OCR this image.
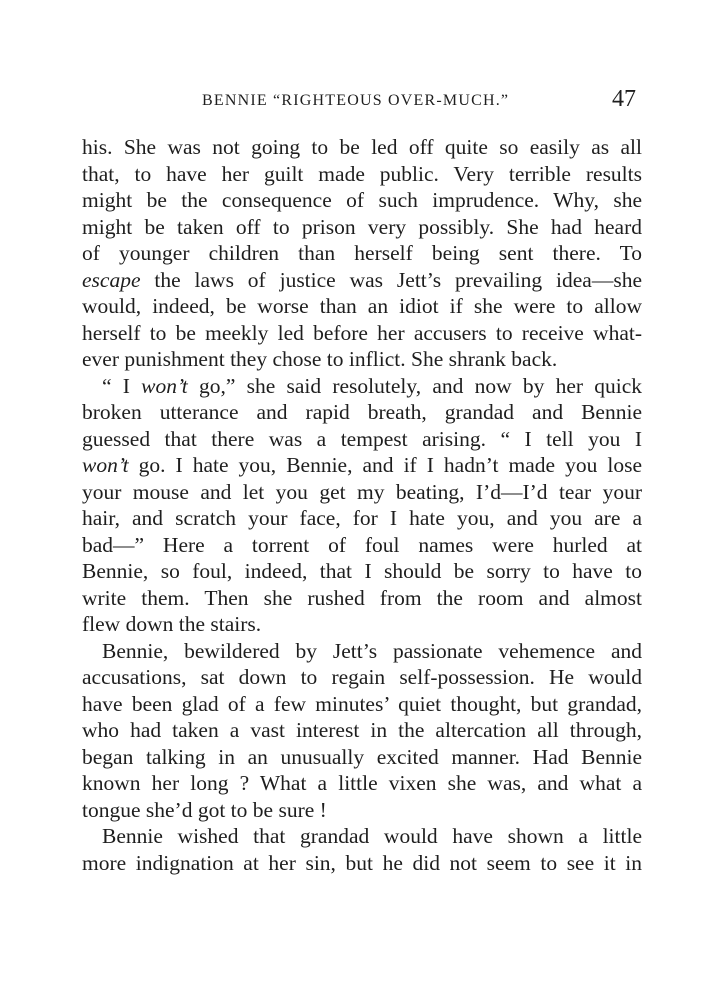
BENNIE “RIGHTEOUS OVER-MUCH.”	47
his. She was not going to be led off quite so easily as all
that, to have her guilt made public. Very terrible results
might be the consequence of such imprudence. Why, she
might be taken off to prison very possibly. She had heard
of younger children than herself being sent there. To
escape the laws of justice was Jett’s prevailing idea—she
would, indeed, be worse than an idiot if she were to allow
herself to be meekly led before her accusers to receive what-
ever punishment they chose to inflict. She shrank back.
“ I won’t go,” she said resolutely, and now by her quick
broken utterance and rapid breath, grandad and Bennie
guessed that there was a tempest arising. “ I tell you I
won’t go. I hate you, Bennie, and if I hadn’t made you lose
your mouse and let you get my beating, I’d—I’d tear your
hair, and scratch your face, for I hate you, and you are a
bad—” Here a torrent of foul names were hurled at
Bennie, so foul, indeed, that I should be sorry to have to
write them. Then she rushed from the room and almost
flew down the stairs.
Bennie, bewildered by Jett’s passionate vehemence and
accusations, sat down to regain self-possession. He would
have been glad of a few minutes’ quiet thought, but grandad,
who had taken a vast interest in the altercation all through,
began talking in an unusually excited manner. Had Bennie
known her long ? What a little vixen she was, and what a
tongue she’d got to be sure !
Bennie wished that grandad would have shown a little
more indignation at her sin, but he did not seem to see it in
